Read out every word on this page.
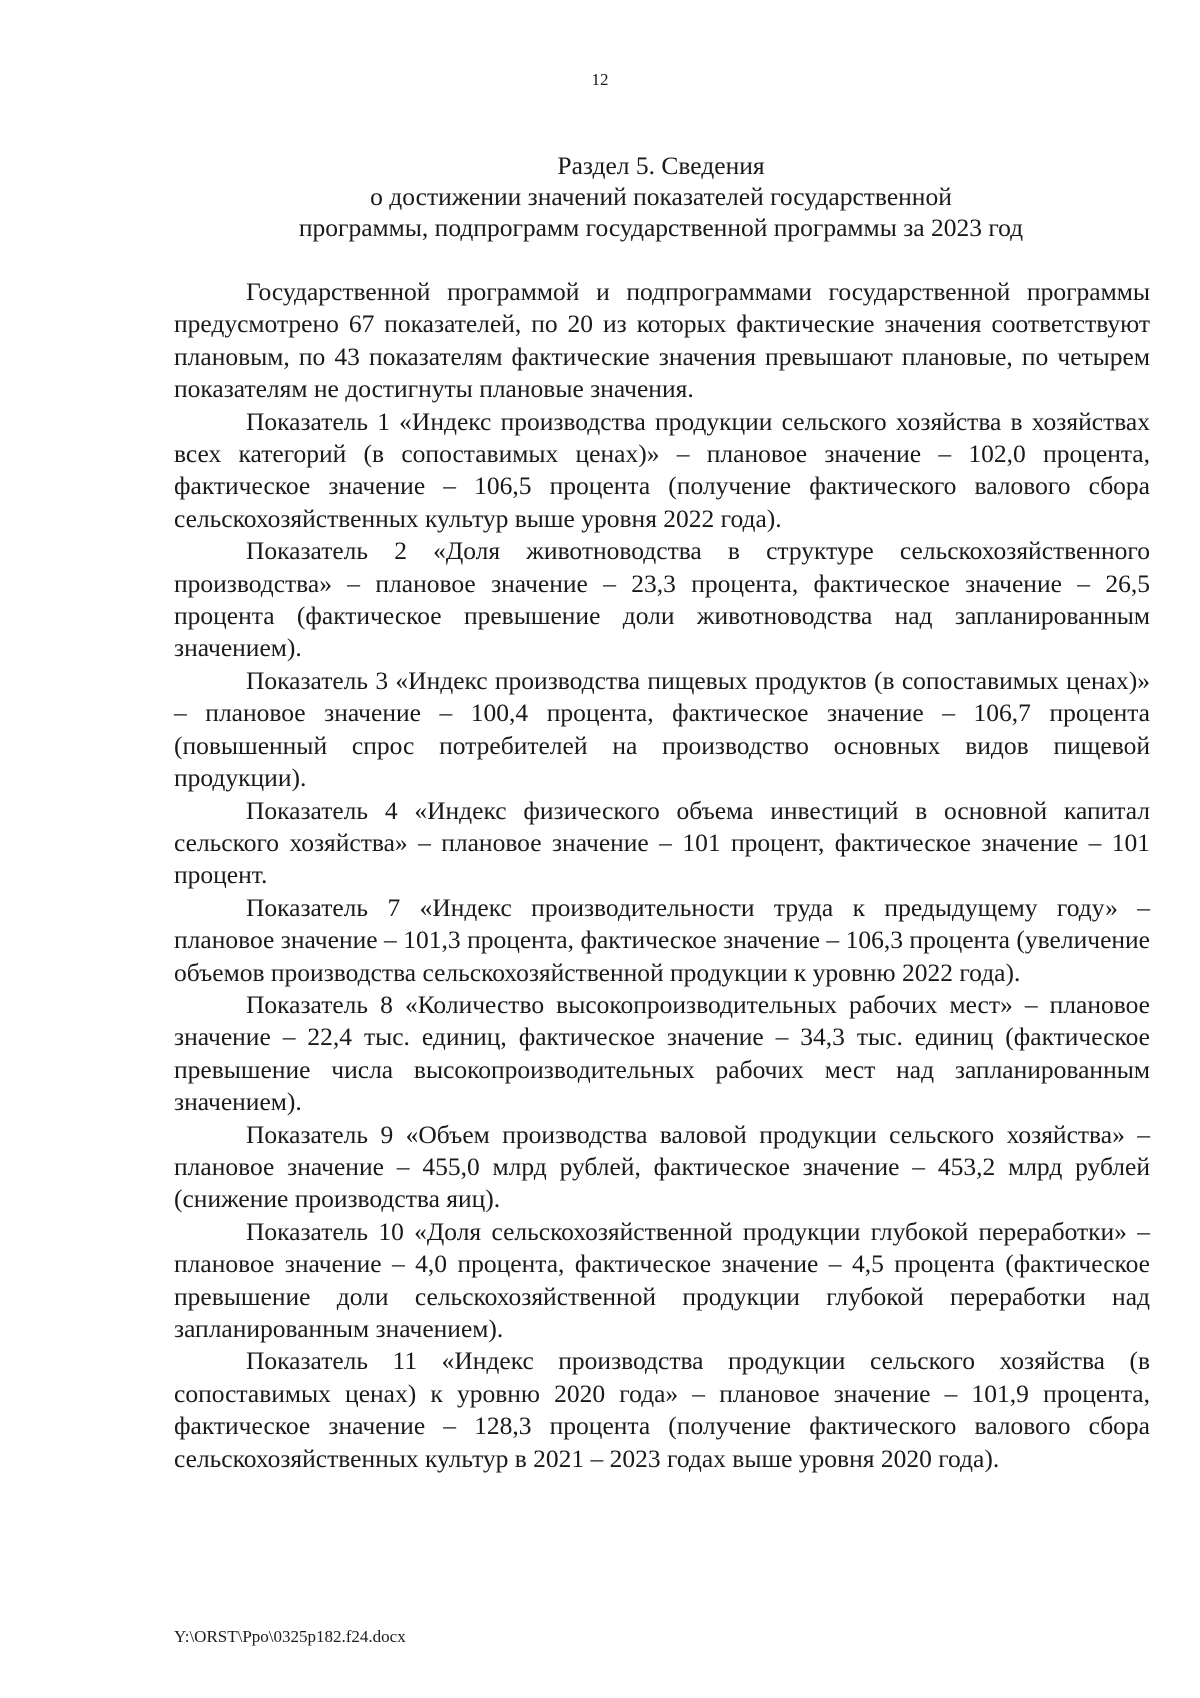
12
Раздел 5. Сведения
о достижении значений показателей государственной
программы, подпрограмм государственной программы за 2023 год

Государственной программой и подпрограммами государственной программы предусмотрено 67 показателей, по 20 из которых фактические значения соответствуют плановым, по 43 показателям фактические значения превышают плановые, по четырем показателям не достигнуты плановые значения.

Показатель 1 «Индекс производства продукции сельского хозяйства в хозяйствах всех категорий (в сопоставимых ценах)» – плановое значение – 102,0 процента, фактическое значение – 106,5 процента (получение фактического валового сбора сельскохозяйственных культур выше уровня 2022 года).

Показатель 2 «Доля животноводства в структуре сельскохозяйственного производства» – плановое значение – 23,3 процента, фактическое значение – 26,5 процента (фактическое превышение доли животноводства над запланированным значением).

Показатель 3 «Индекс производства пищевых продуктов (в сопоставимых ценах)» – плановое значение – 100,4 процента, фактическое значение – 106,7 процента (повышенный спрос потребителей на производство основных видов пищевой продукции).

Показатель 4 «Индекс физического объема инвестиций в основной капитал сельского хозяйства» – плановое значение – 101 процент, фактическое значение – 101 процент.

Показатель 7 «Индекс производительности труда к предыдущему году» – плановое значение – 101,3 процента, фактическое значение – 106,3 процента (увеличение объемов производства сельскохозяйственной продукции к уровню 2022 года).

Показатель 8 «Количество высокопроизводительных рабочих мест» – плановое значение – 22,4 тыс. единиц, фактическое значение – 34,3 тыс. единиц (фактическое превышение числа высокопроизводительных рабочих мест над запланированным значением).

Показатель 9 «Объем производства валовой продукции сельского хозяйства» – плановое значение – 455,0 млрд рублей, фактическое значение – 453,2 млрд рублей (снижение производства яиц).

Показатель 10 «Доля сельскохозяйственной продукции глубокой переработки» – плановое значение – 4,0 процента, фактическое значение – 4,5 процента (фактическое превышение доли сельскохозяйственной продукции глубокой переработки над запланированным значением).

Показатель 11 «Индекс производства продукции сельского хозяйства (в сопоставимых ценах) к уровню 2020 года» – плановое значение – 101,9 процента, фактическое значение – 128,3 процента (получение фактического валового сбора сельскохозяйственных культур в 2021 – 2023 годах выше уровня 2020 года).

Y:\ORST\Ppo\0325p182.f24.docx
